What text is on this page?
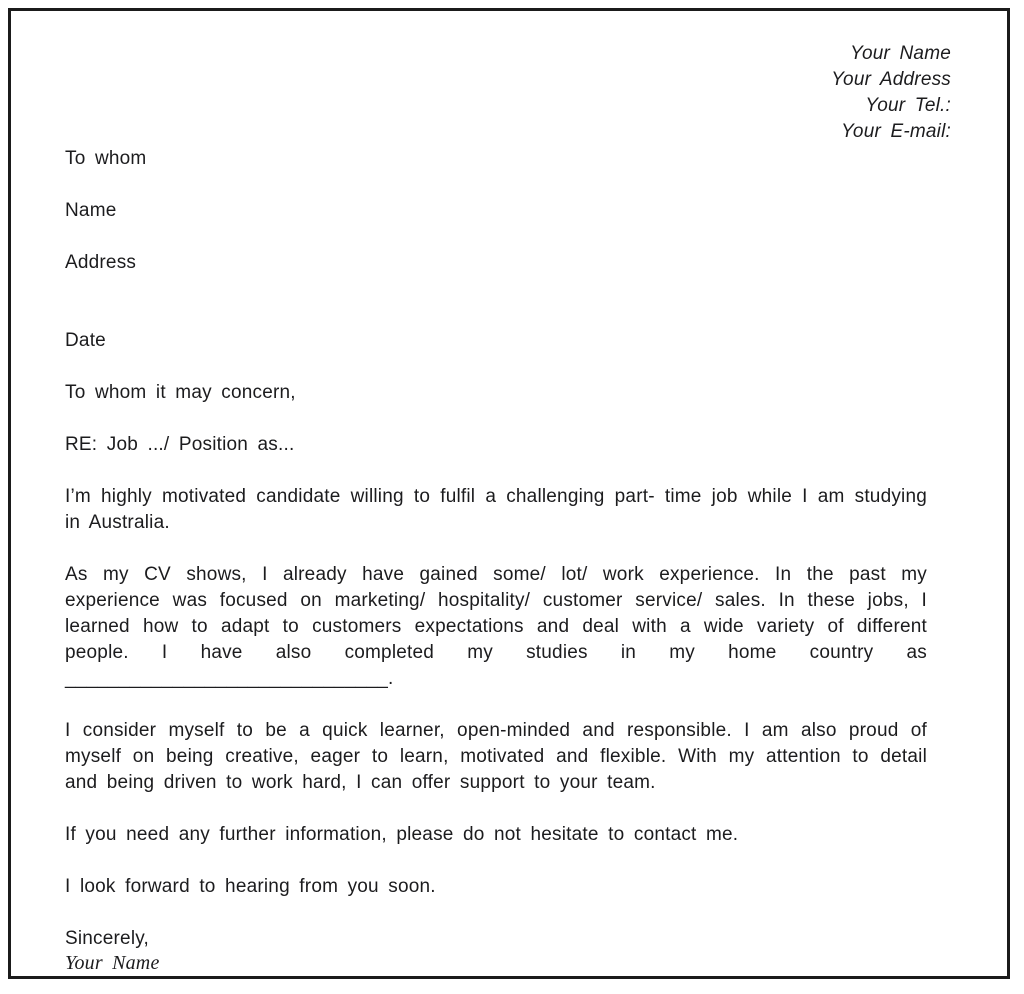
Your Name
Your Address
Your Tel.:
Your E-mail:

To whom

Name

Address

Date

To whom it may concern,

RE: Job .../ Position as...

I’m highly motivated candidate willing to fulfil a challenging part- time job while I am studying in Australia.

As my CV shows, I already have gained some/ lot/ work experience. In the past my experience was focused on marketing/ hospitality/ customer service/ sales. In these jobs, I learned how to adapt to customers expectations and deal with a wide variety of different people. I have also completed my studies in my home country as ______________________________.

I consider myself to be a quick learner, open-minded and responsible. I am also proud of myself on being creative, eager to learn, motivated and flexible. With my attention to detail and being driven to work hard, I can offer support to your team.

If you need any further information, please do not hesitate to contact me.

I look forward to hearing from you soon.

Sincerely,

Your Name
